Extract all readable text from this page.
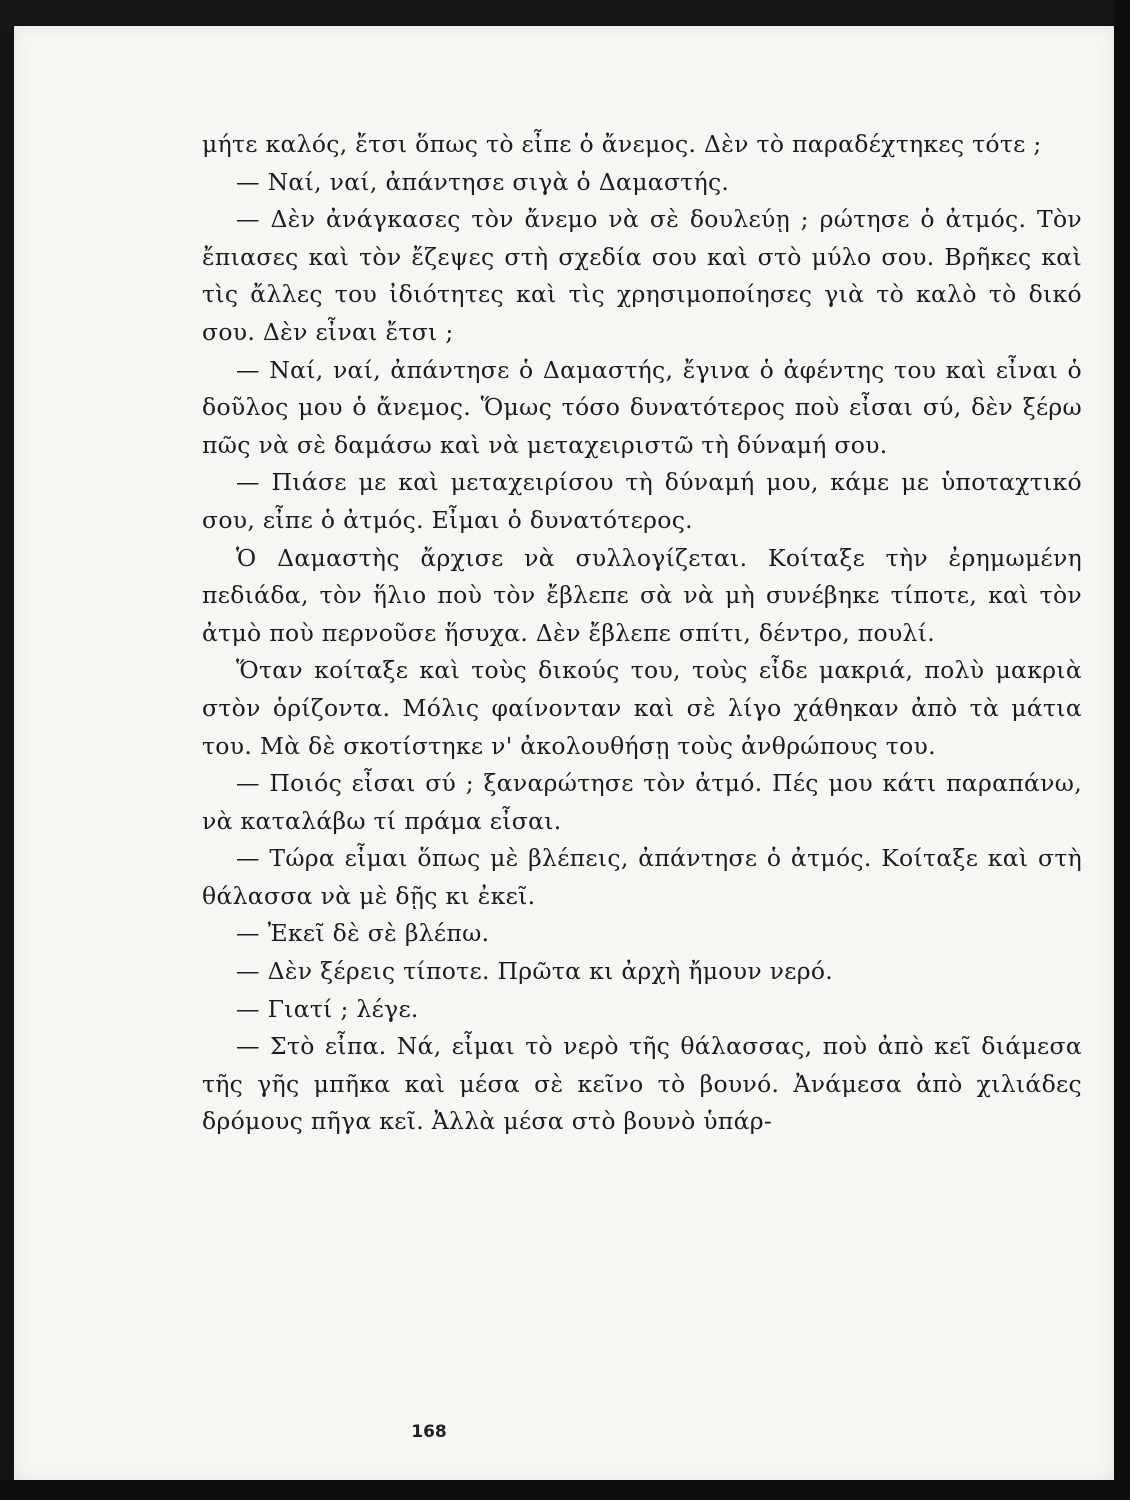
168

μήτε καλός, ἔτσι ὅπως τὸ εἶπε ὁ ἄνεμος. Δὲν τὸ παραδέχτηκες τότε ;

— Ναί, ναί, ἀπάντησε σιγὰ ὁ Δαμαστής.

— Δὲν ἀνάγκασες τὸν ἄνεμο νὰ σὲ δουλεύῃ ; ρώτησε ὁ ἀτμός. Τὸν ἔπιασες καὶ τὸν ἔζεψες στὴ σχεδία σου καὶ στὸ μύλο σου. Βρῆκες καὶ τὶς ἄλλες του ἰδιότητες καὶ τὶς χρησιμοποίησες γιὰ τὸ καλὸ τὸ δικό σου. Δὲν εἶναι ἔτσι ;

— Ναί, ναί, ἀπάντησε ὁ Δαμαστής, ἔγινα ὁ ἀφέντης του καὶ εἶναι ὁ δοῦλος μου ὁ ἄνεμος. Ὅμως τόσο δυνατότερος ποὺ εἶσαι σύ, δὲν ξέρω πῶς νὰ σὲ δαμάσω καὶ νὰ μεταχειριστῶ τὴ δύναμή σου.

— Πιάσε με καὶ μεταχειρίσου τὴ δύναμή μου, κάμε με ὑποταχτικό σου, εἶπε ὁ ἀτμός. Εἶμαι ὁ δυνατότερος.

Ὁ Δαμαστὴς ἄρχισε νὰ συλλογίζεται. Κοίταξε τὴν ἐρημωμένη πεδιάδα, τὸν ἥλιο ποὺ τὸν ἔβλεπε σὰ νὰ μὴ συνέβηκε τίποτε, καὶ τὸν ἀτμὸ ποὺ περνοῦσε ἥσυχα. Δὲν ἔβλεπε σπίτι, δέντρο, πουλί.

Ὅταν κοίταξε καὶ τοὺς δικούς του, τοὺς εἶδε μακριά, πολὺ μακριὰ στὸν ὁρίζοντα. Μόλις φαίνονταν καὶ σὲ λίγο χάθηκαν ἀπὸ τὰ μάτια του. Μὰ δὲ σκοτίστηκε ν' ἀκολουθήσῃ τοὺς ἀνθρώπους του.

— Ποιός εἶσαι σύ ; ξαναρώτησε τὸν ἀτμό. Πές μου κάτι παραπάνω, νὰ καταλάβω τί πράμα εἶσαι.

— Τώρα εἶμαι ὅπως μὲ βλέπεις, ἀπάντησε ὁ ἀτμός. Κοίταξε καὶ στὴ θάλασσα νὰ μὲ δῇς κι ἐκεῖ.

— Ἐκεῖ δὲ σὲ βλέπω.

— Δὲν ξέρεις τίποτε. Πρῶτα κι ἀρχὴ ἤμουν νερό.

— Γιατί ; λέγε.

— Στὸ εἶπα. Νά, εἶμαι τὸ νερὸ τῆς θάλασσας, ποὺ ἀπὸ κεῖ διάμεσα τῆς γῆς μπῆκα καὶ μέσα σὲ κεῖνο τὸ βουνό. Ἀνάμεσα ἀπὸ χιλιάδες δρόμους πῆγα κεῖ. Ἀλλὰ μέσα στὸ βουνὸ ὑπάρ-
